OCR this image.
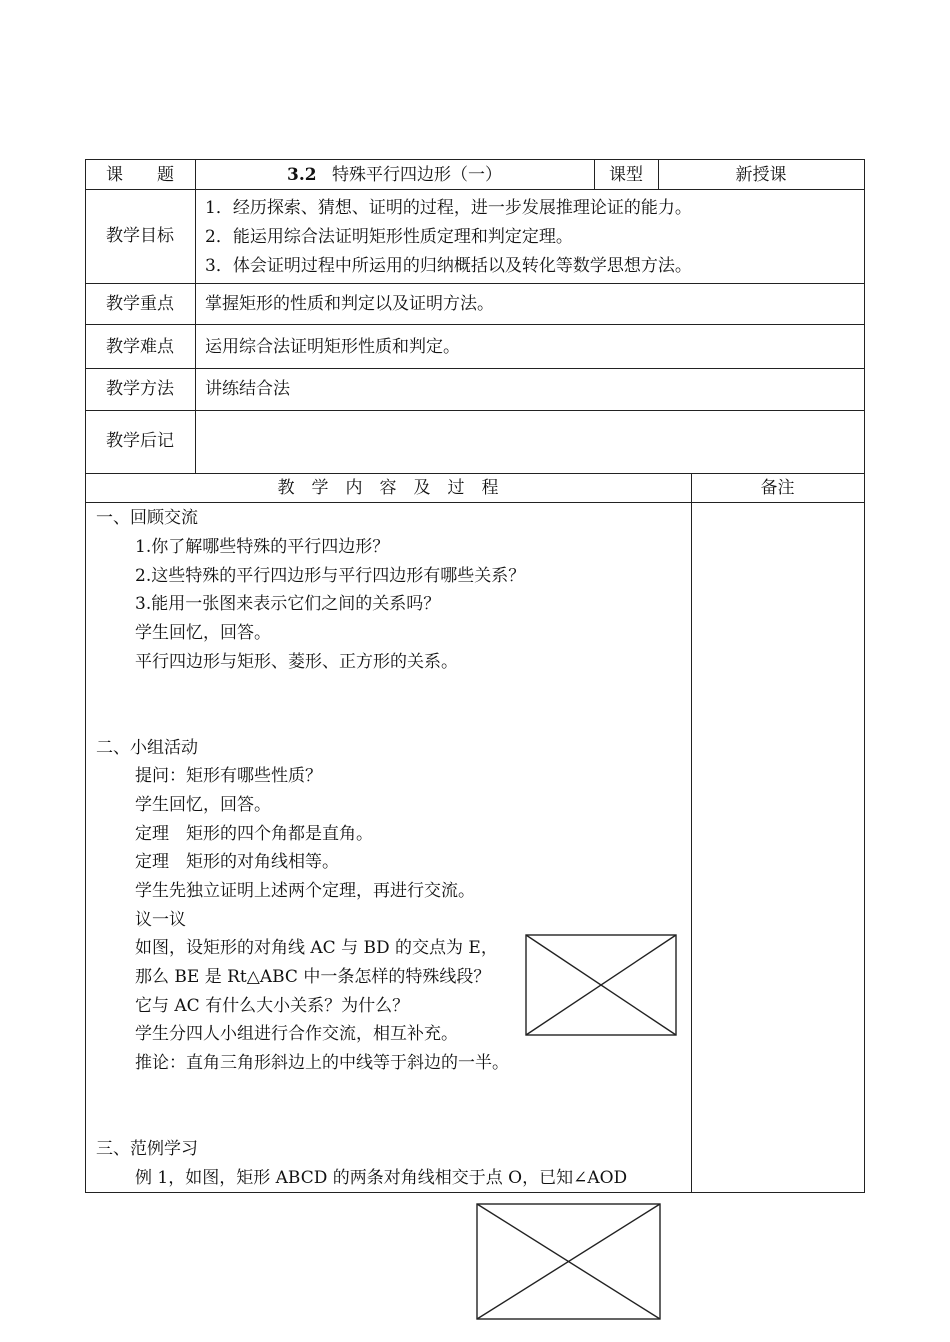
课　　题	3.2 特殊平行四边形（一）	课型	新授课
教学目标
1．经历探索、猜想、证明的过程，进一步发展推理论证的能力。
2．能运用综合法证明矩形性质定理和判定定理。
3．体会证明过程中所运用的归纳概括以及转化等数学思想方法。
教学重点	掌握矩形的性质和判定以及证明方法。
教学难点	运用综合法证明矩形性质和判定。
教学方法	讲练结合法
教学后记
教　学　内　容　及　过　程	备注
一、回顾交流
1.你了解哪些特殊的平行四边形？
2.这些特殊的平行四边形与平行四边形有哪些关系？
3.能用一张图来表示它们之间的关系吗？
学生回忆，回答。
平行四边形与矩形、菱形、正方形的关系。
二、小组活动
提问：矩形有哪些性质？
学生回忆，回答。
定理　矩形的四个角都是直角。
定理　矩形的对角线相等。
学生先独立证明上述两个定理，再进行交流。
议一议
如图，设矩形的对角线 AC 与 BD 的交点为 E，
那么 BE 是 Rt△ABC 中一条怎样的特殊线段？
它与 AC 有什么大小关系？为什么？
学生分四人小组进行合作交流，相互补充。
推论：直角三角形斜边上的中线等于斜边的一半。
三、范例学习
例 1，如图，矩形 ABCD 的两条对角线相交于点 O，已知∠AOD
